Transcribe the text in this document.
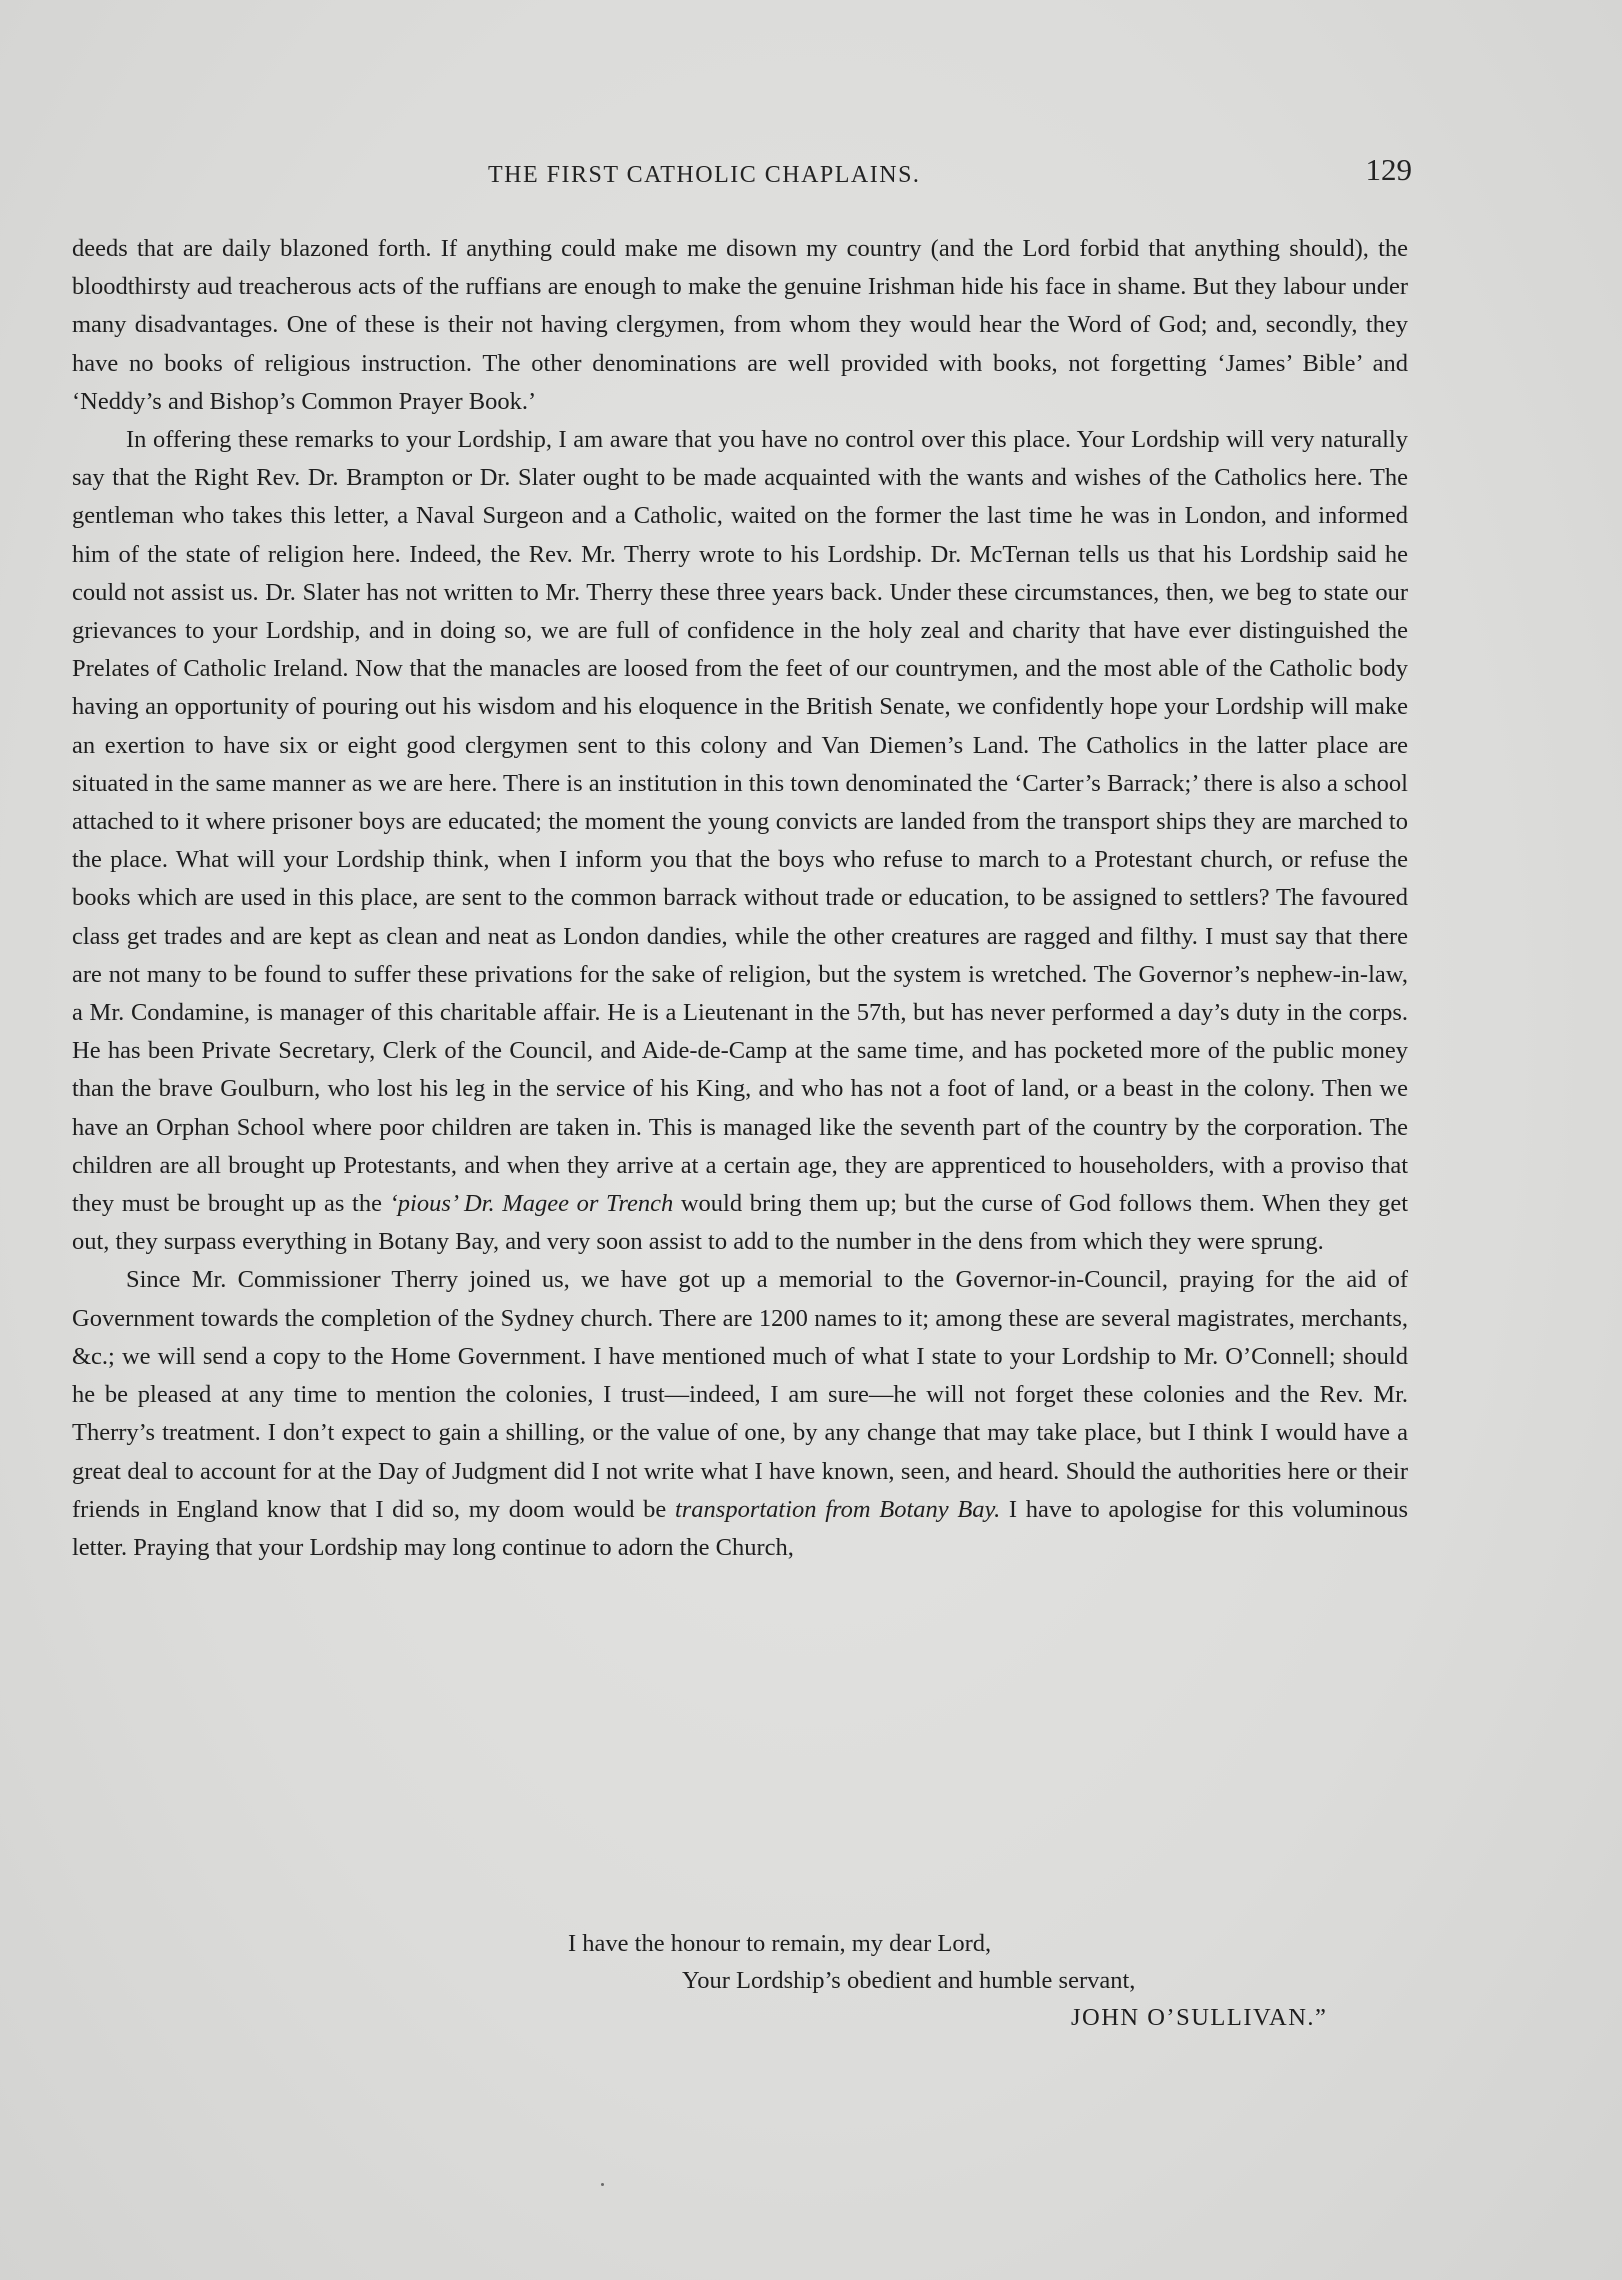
THE FIRST CATHOLIC CHAPLAINS.	129

deeds that are daily blazoned forth. If anything could make me disown my country (and the Lord forbid that anything should), the bloodthirsty aud treacherous acts of the ruffians are enough to make the genuine Irishman hide his face in shame. But they labour under many disadvantages. One of these is their not having clergymen, from whom they would hear the Word of God; and, secondly, they have no books of religious instruction. The other denominations are well provided with books, not forgetting ‘James’ Bible’ and ‘Neddy’s and Bishop’s Common Prayer Book.’

In offering these remarks to your Lordship, I am aware that you have no control over this place. Your Lordship will very naturally say that the Right Rev. Dr. Brampton or Dr. Slater ought to be made acquainted with the wants and wishes of the Catholics here. The gentleman who takes this letter, a Naval Surgeon and a Catholic, waited on the former the last time he was in London, and informed him of the state of religion here. Indeed, the Rev. Mr. Therry wrote to his Lordship. Dr. McTernan tells us that his Lordship said he could not assist us. Dr. Slater has not written to Mr. Therry these three years back. Under these circumstances, then, we beg to state our grievances to your Lordship, and in doing so, we are full of confidence in the holy zeal and charity that have ever distinguished the Prelates of Catholic Ireland. Now that the manacles are loosed from the feet of our countrymen, and the most able of the Catholic body having an opportunity of pouring out his wisdom and his eloquence in the British Senate, we confidently hope your Lordship will make an exertion to have six or eight good clergymen sent to this colony and Van Diemen’s Land. The Catholics in the latter place are situated in the same manner as we are here. There is an institution in this town denominated the ‘Carter’s Barrack;’ there is also a school attached to it where prisoner boys are educated; the moment the young convicts are landed from the transport ships they are marched to the place. What will your Lordship think, when I inform you that the boys who refuse to march to a Protestant church, or refuse the books which are used in this place, are sent to the common barrack without trade or education, to be assigned to settlers? The favoured class get trades and are kept as clean and neat as London dandies, while the other creatures are ragged and filthy. I must say that there are not many to be found to suffer these privations for the sake of religion, but the system is wretched. The Governor’s nephew-in-law, a Mr. Condamine, is manager of this charitable affair. He is a Lieutenant in the 57th, but has never performed a day’s duty in the corps. He has been Private Secretary, Clerk of the Council, and Aide-de-Camp at the same time, and has pocketed more of the public money than the brave Goulburn, who lost his leg in the service of his King, and who has not a foot of land, or a beast in the colony. Then we have an Orphan School where poor children are taken in. This is managed like the seventh part of the country by the corporation. The children are all brought up Protestants, and when they arrive at a certain age, they are apprenticed to householders, with a proviso that they must be brought up as the ‘pious’ Dr. Magee or Trench would bring them up; but the curse of God follows them. When they get out, they surpass everything in Botany Bay, and very soon assist to add to the number in the dens from which they were sprung.

Since Mr. Commissioner Therry joined us, we have got up a memorial to the Governor-in-Council, praying for the aid of Government towards the completion of the Sydney church. There are 1200 names to it; among these are several magistrates, merchants, &c.; we will send a copy to the Home Government. I have mentioned much of what I state to your Lordship to Mr. O’Connell; should he be pleased at any time to mention the colonies, I trust—indeed, I am sure—he will not forget these colonies and the Rev. Mr. Therry’s treatment. I don’t expect to gain a shilling, or the value of one, by any change that may take place, but I think I would have a great deal to account for at the Day of Judgment did I not write what I have known, seen, and heard. Should the authorities here or their friends in England know that I did so, my doom would be transportation from Botany Bay. I have to apologise for this voluminous letter. Praying that your Lordship may long continue to adorn the Church,

I have the honour to remain, my dear Lord,
Your Lordship’s obedient and humble servant,
JOHN O’SULLIVAN.”
